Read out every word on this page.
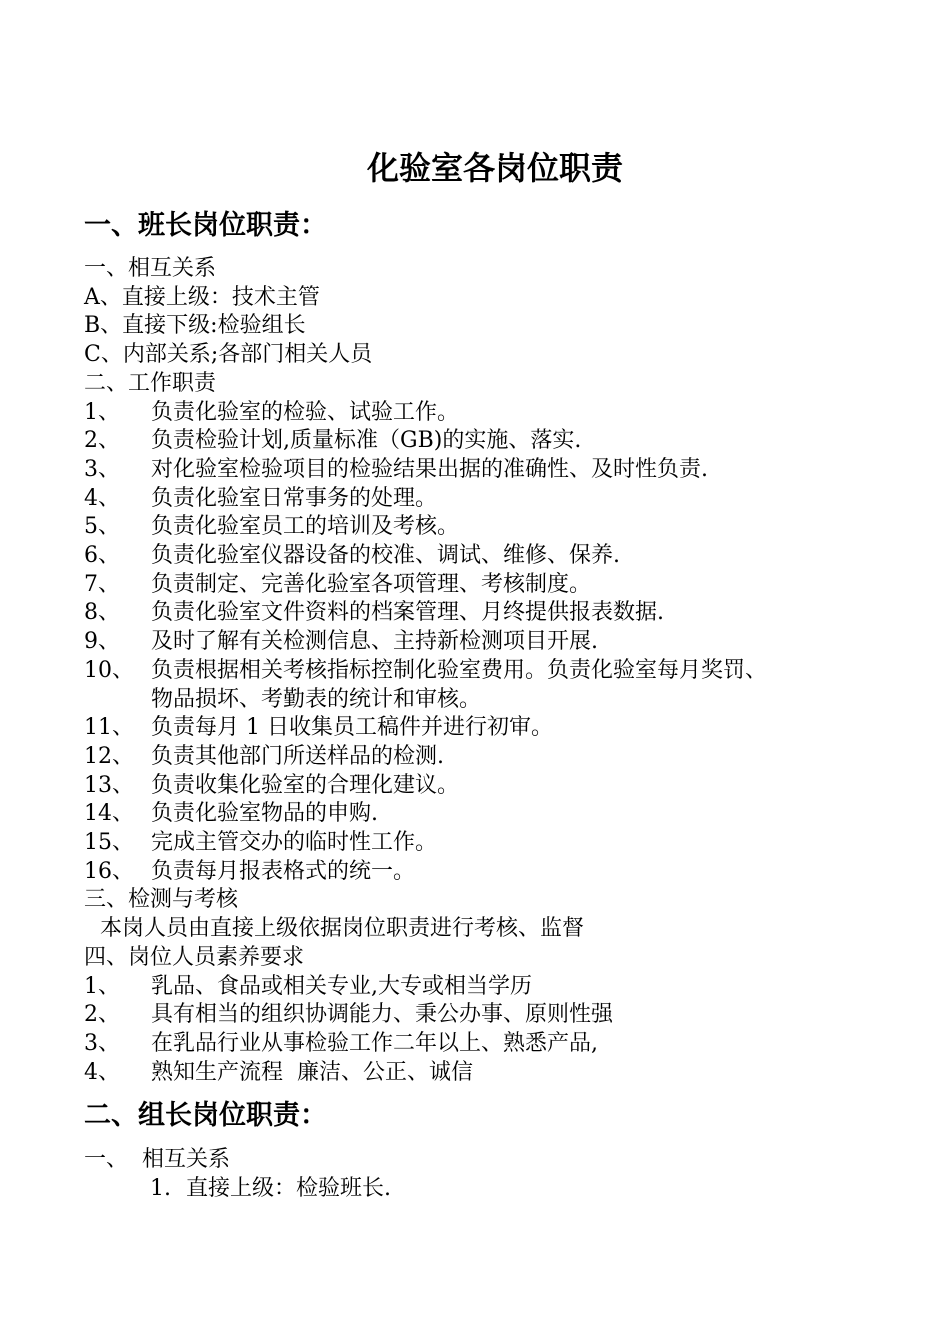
化验室各岗位职责
一、班长岗位职责：
一、相互关系
A、直接上级：技术主管
B、直接下级:检验组长
C、内部关系;各部门相关人员
二、工作职责
1、	负责化验室的检验、试验工作。
2、	负责检验计划,质量标准（GB)的实施、落实.
3、	对化验室检验项目的检验结果出据的准确性、及时性负责.
4、	负责化验室日常事务的处理。
5、	负责化验室员工的培训及考核。
6、	负责化验室仪器设备的校准、调试、维修、保养.
7、	负责制定、完善化验室各项管理、考核制度。
8、	负责化验室文件资料的档案管理、月终提供报表数据.
9、	及时了解有关检测信息、主持新检测项目开展.
10、 负责根据相关考核指标控制化验室费用。负责化验室每月奖罚、
物品损坏、考勤表的统计和审核。
11、 负责每月 1 日收集员工稿件并进行初审。
12、 负责其他部门所送样品的检测.
13、 负责收集化验室的合理化建议。
14、 负责化验室物品的申购.
15、 完成主管交办的临时性工作。
16、 负责每月报表格式的统一。
三、检测与考核
本岗人员由直接上级依据岗位职责进行考核、监督
四、岗位人员素养要求
1、	乳品、食品或相关专业,大专或相当学历
2、	具有相当的组织协调能力、秉公办事、原则性强
3、	在乳品行业从事检验工作二年以上、熟悉产品,
4、	熟知生产流程  廉洁、公正、诚信
二、组长岗位职责：
一、 相互关系
1. 直接上级：检验班长.
